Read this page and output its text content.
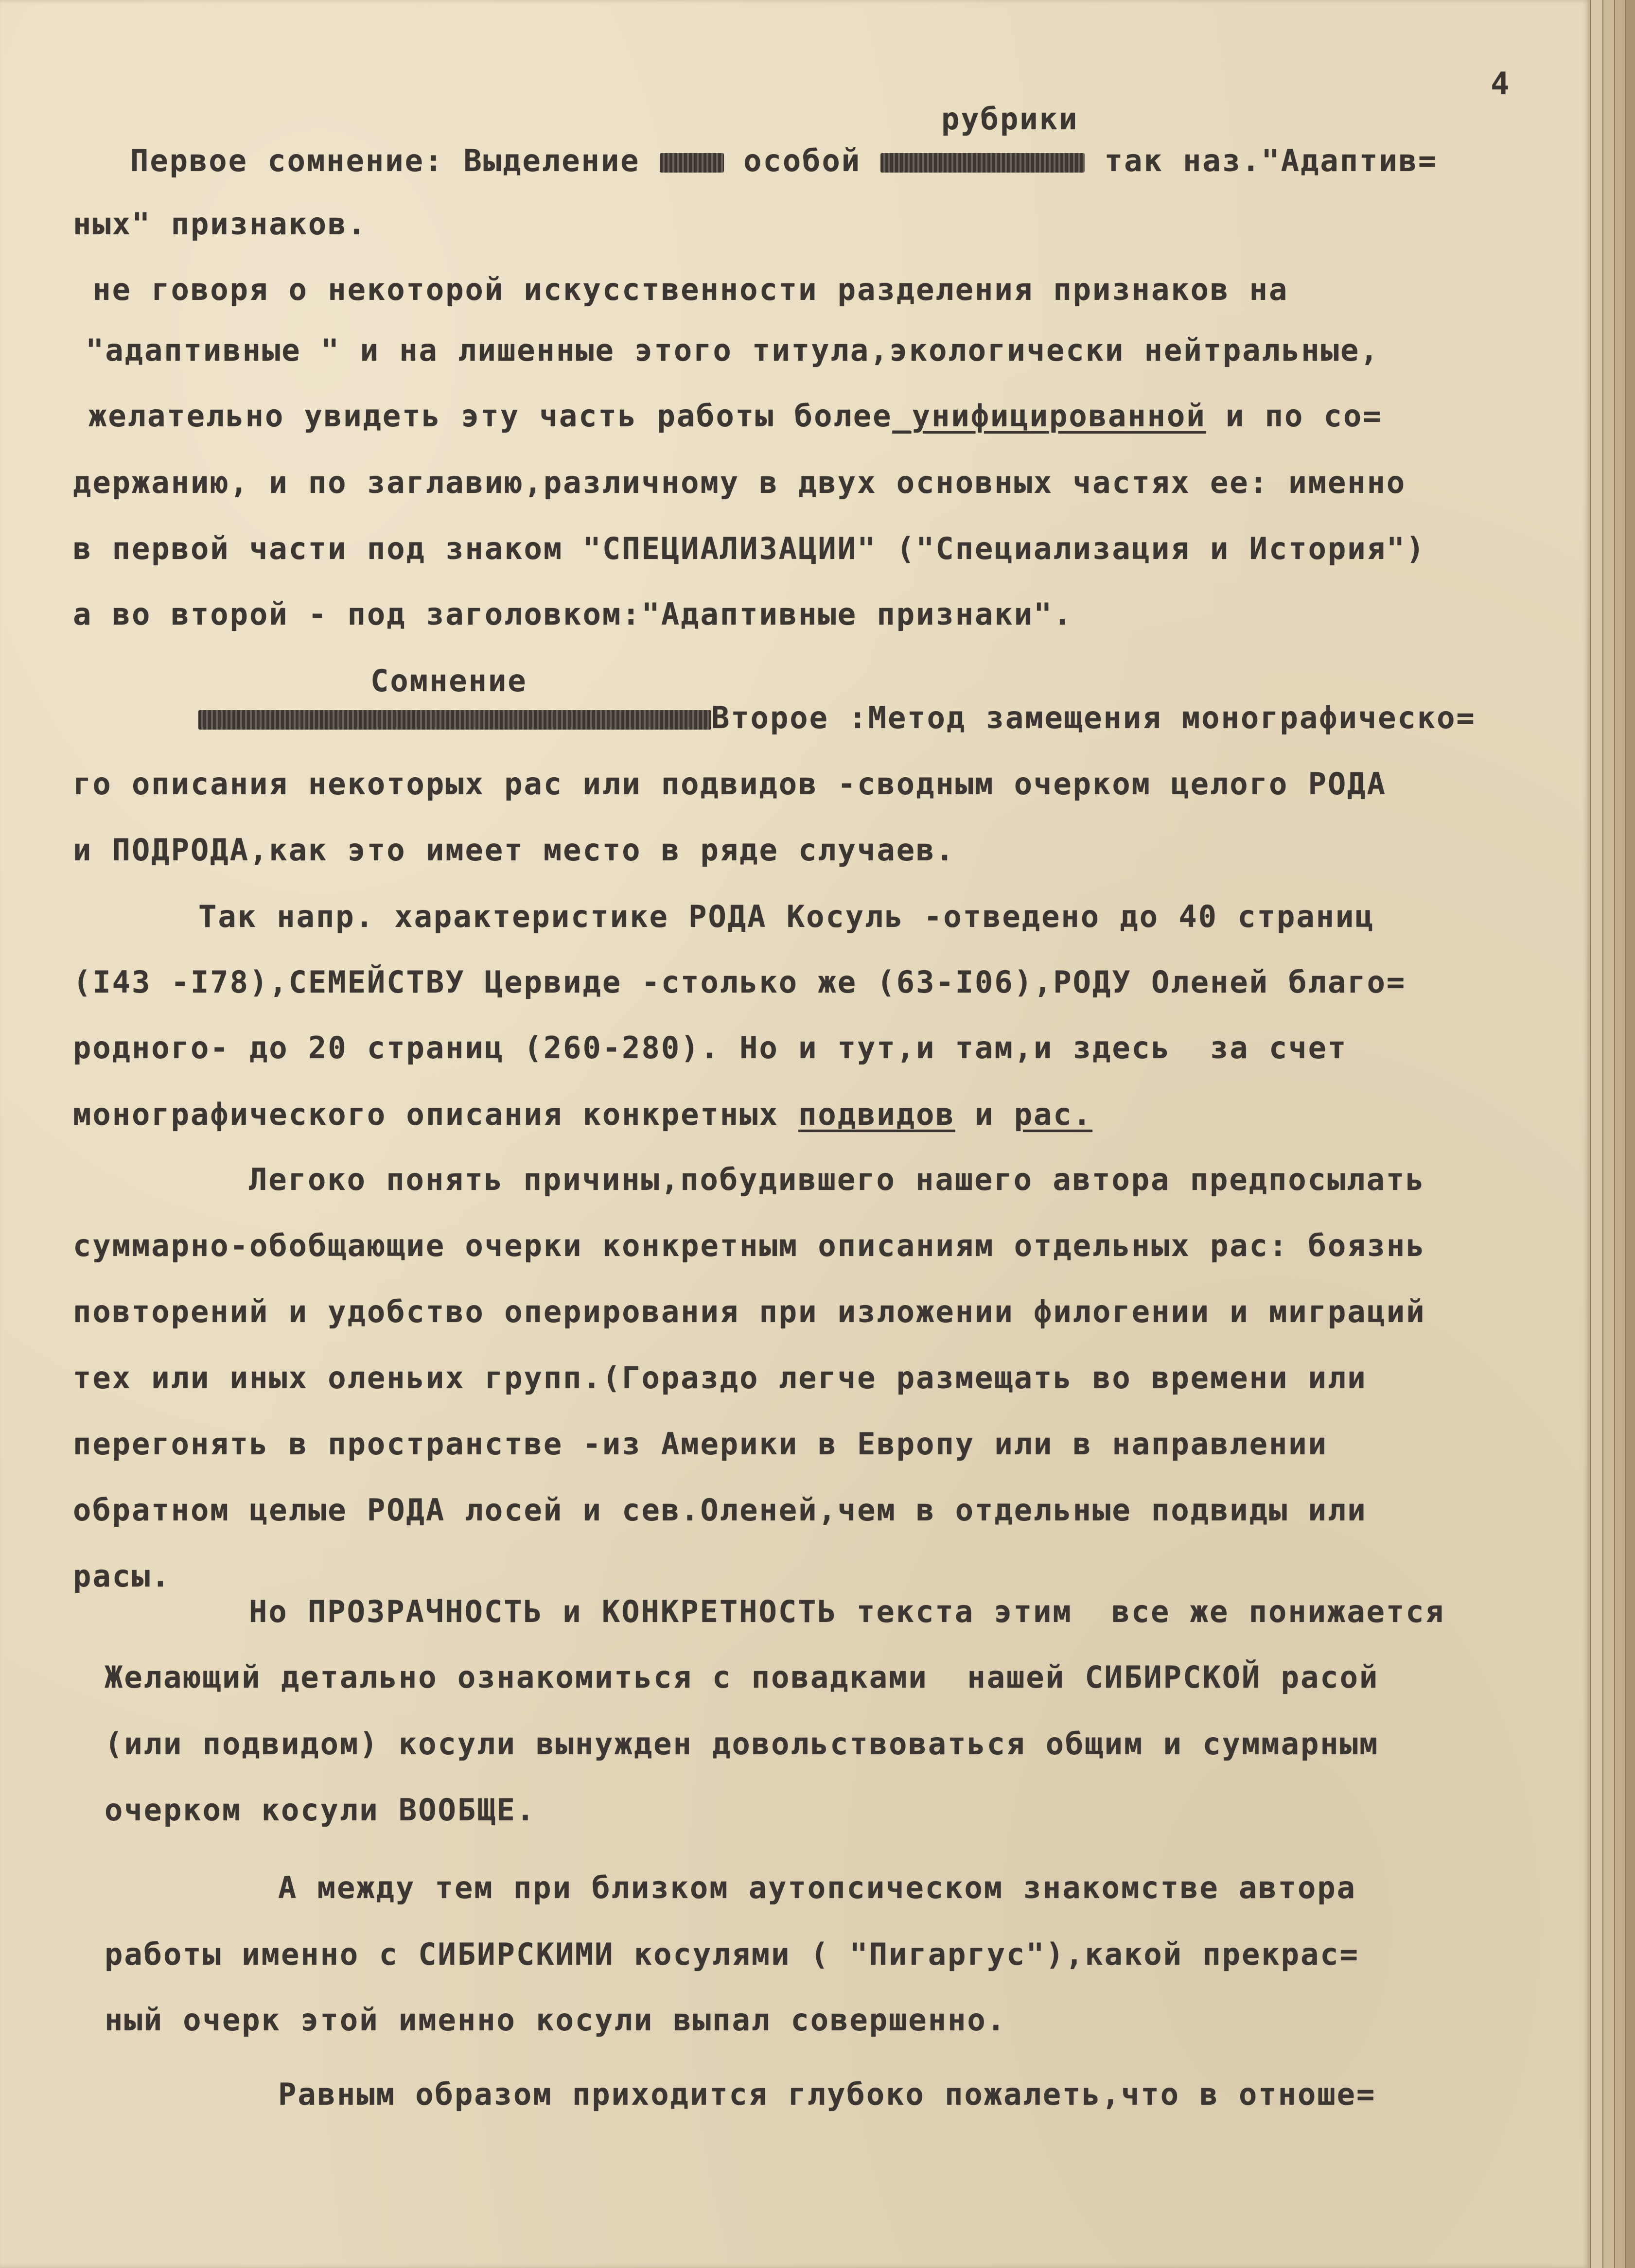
4
рубрики
Первое сомнение: Выделение  особой	так наз."Адаптив=
ных" признаков.
не говоря о некоторой искусственности разделения признаков на
"адаптивные " и на лишенные этого титула,экологически нейтральные,
желательно увидеть эту часть работы более_унифицированной и по со=
держанию, и по заглавию,различному в двух основных частях ее: именно
в первой части под знаком "СПЕЦИАЛИЗАЦИИ" ("Специализация и История")
а во второй - под заголовком:"Адаптивные признаки".
Сомнение
Второе :Метод замещения монографическо=
го описания некоторых рас или подвидов -сводным очерком целого РОДА
и ПОДРОДА,как это имеет место в ряде случаев.
Так напр. характеристике РОДА Косуль -отведено до 40 страниц
(I43 -I78),СЕМЕЙСТВУ Цервиде -столько же (63-I06),РОДУ Оленей благо=
родного- до 20 страниц (260-280). Но и тут,и там,и здесь  за счет
монографического описания конкретных подвидов и рас.
Легоко понять причины,побудившего нашего автора предпосылать
суммарно-обобщающие очерки конкретным описаниям отдельных рас: боязнь
повторений и удобство оперирования при изложении филогении и миграций
тех или иных оленьих групп.(Гораздо легче размещать во времени или
перегонять в пространстве -из Америки в Европу или в направлении
обратном целые РОДА лосей и сев.Оленей,чем в отдельные подвиды или
расы.
Но ПРОЗРАЧНОСТЬ и КОНКРЕТНОСТЬ текста этим  все же понижается
Желающий детально ознакомиться с повадками  нашей СИБИРСКОЙ расой
(или подвидом) косули вынужден довольствоваться общим и суммарным
очерком косули ВООБЩЕ.
А между тем при близком аутопсическом знакомстве автора
работы именно с СИБИРСКИМИ косулями ( "Пигаргус"),какой прекрас=
ный очерк этой именно косули выпал совершенно.
Равным образом приходится глубоко пожалеть,что в отноше=
